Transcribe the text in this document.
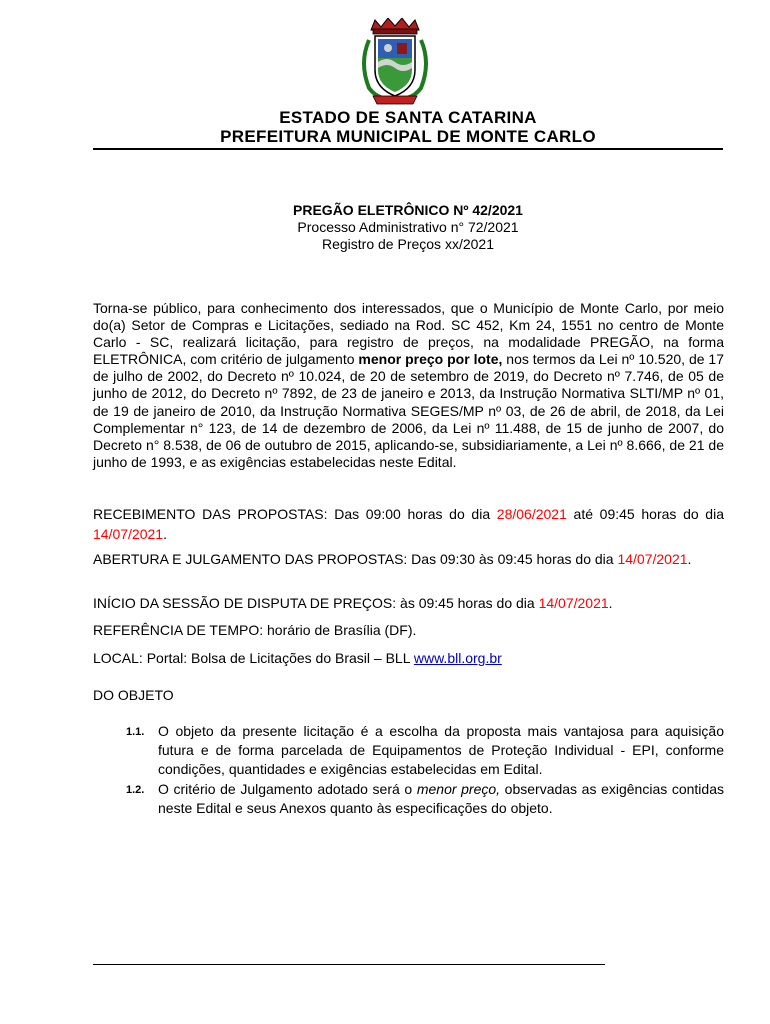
ESTADO DE SANTA CATARINA
PREFEITURA MUNICIPAL DE MONTE CARLO
PREGÃO ELETRÔNICO Nº 42/2021
Processo Administrativo n° 72/2021
Registro de Preços xx/2021
Torna-se público, para conhecimento dos interessados, que o Município de Monte Carlo, por meio do(a) Setor de Compras e Licitações, sediado na Rod. SC 452, Km 24, 1551 no centro de Monte Carlo - SC, realizará licitação, para registro de preços, na modalidade PREGÃO, na forma ELETRÔNICA, com critério de julgamento menor preço por lote, nos termos da Lei nº 10.520, de 17 de julho de 2002, do Decreto nº 10.024, de 20 de setembro de 2019, do Decreto nº 7.746, de 05 de junho de 2012, do Decreto nº 7892, de 23 de janeiro e 2013, da Instrução Normativa SLTI/MP nº 01, de 19 de janeiro de 2010, da Instrução Normativa SEGES/MP nº 03, de 26 de abril, de 2018, da Lei Complementar n° 123, de 14 de dezembro de 2006, da Lei nº 11.488, de 15 de junho de 2007, do Decreto n° 8.538, de 06 de outubro de 2015, aplicando-se, subsidiariamente, a Lei nº 8.666, de 21 de junho de 1993, e as exigências estabelecidas neste Edital.
RECEBIMENTO DAS PROPOSTAS: Das 09:00 horas do dia 28/06/2021 até 09:45 horas do dia 14/07/2021.
ABERTURA E JULGAMENTO DAS PROPOSTAS: Das 09:30 às 09:45 horas do dia 14/07/2021.
INÍCIO DA SESSÃO DE DISPUTA DE PREÇOS: às 09:45 horas do dia 14/07/2021.
REFERÊNCIA DE TEMPO: horário de Brasília (DF).
LOCAL: Portal: Bolsa de Licitações do Brasil – BLL www.bll.org.br
DO OBJETO
1.1. O objeto da presente licitação é a escolha da proposta mais vantajosa para aquisição futura e de forma parcelada de Equipamentos de Proteção Individual - EPI, conforme condições, quantidades e exigências estabelecidas em Edital.
1.2. O critério de Julgamento adotado será o menor preço, observadas as exigências contidas neste Edital e seus Anexos quanto às especificações do objeto.
